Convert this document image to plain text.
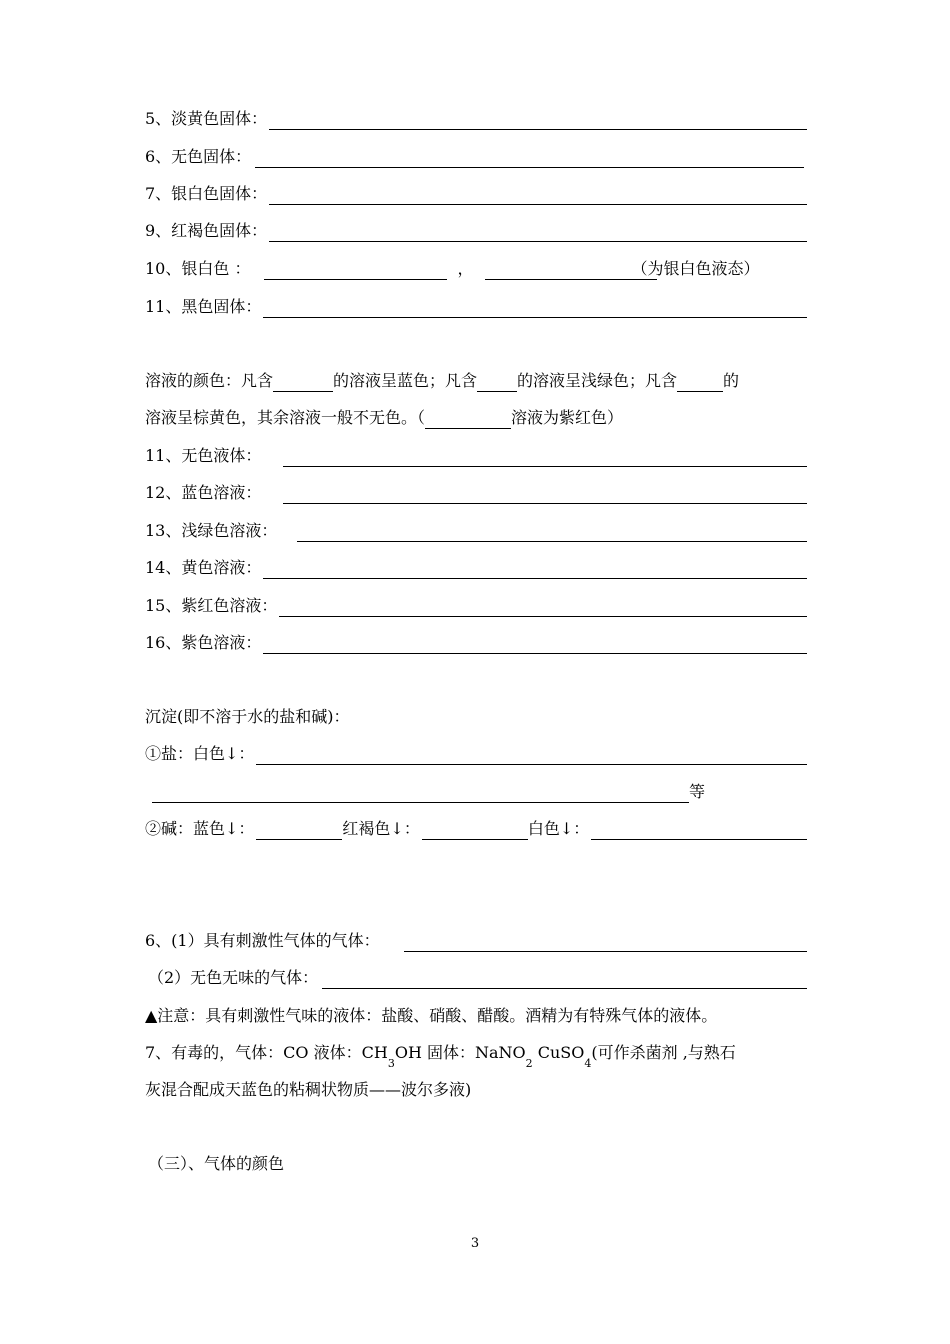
5、淡黄色固体：
6、无色固体：
7、银白色固体：
9、红褐色固体：
10、银白色 ：	，	（为银白色液态）
11、黑色固体：
溶液的颜色：凡含	的溶液呈蓝色；凡含	的溶液呈浅绿色；凡含	的
溶液呈棕黄色，其余溶液一般不无色。（	溶液为紫红色）
11、无色液体：
12、蓝色溶液：
13、浅绿色溶液：
14、黄色溶液：
15、紫红色溶液：
16、紫色溶液：
沉淀(即不溶于水的盐和碱)：
①盐：白色↓：
等
②碱：蓝色↓：	红褐色↓：	白色↓：
6、(1）具有刺激性气体的气体：
（2）无色无味的气体：
▲注意：具有刺激性气味的液体：盐酸、硝酸、醋酸。酒精为有特殊气体的液体。
7、有毒的，气体：CO 液体：CH
3
OH 固体：NaNO
2
CuSO
4
(可作杀菌剂 ,与熟石
灰混合配成天蓝色的粘稠状物质——波尔多液)
（三）、气体的颜色
3
